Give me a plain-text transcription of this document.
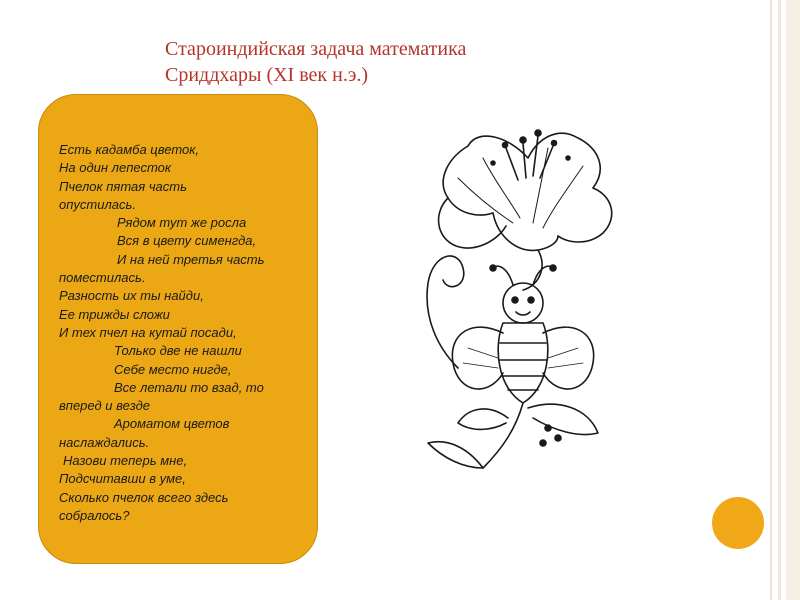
Староиндийская задача математика
Сриддхары (XI век н.э.)
Есть кадамба цветок,
На один лепесток
Пчелок пятая часть
опустилась.
Рядом тут же росла
Вся в цвету сименгда,
И на ней третья часть
поместилась.
Разность их ты найди,
Ее трижды сложи
И тех пчел на кутай посади,
Только две не нашли
Себе место нигде,
Все летали то взад, то
вперед и везде
Ароматом цветов
наслаждались.
Назови теперь мне,
Подсчитавши в уме,
Сколько пчелок всего здесь
собралось?
